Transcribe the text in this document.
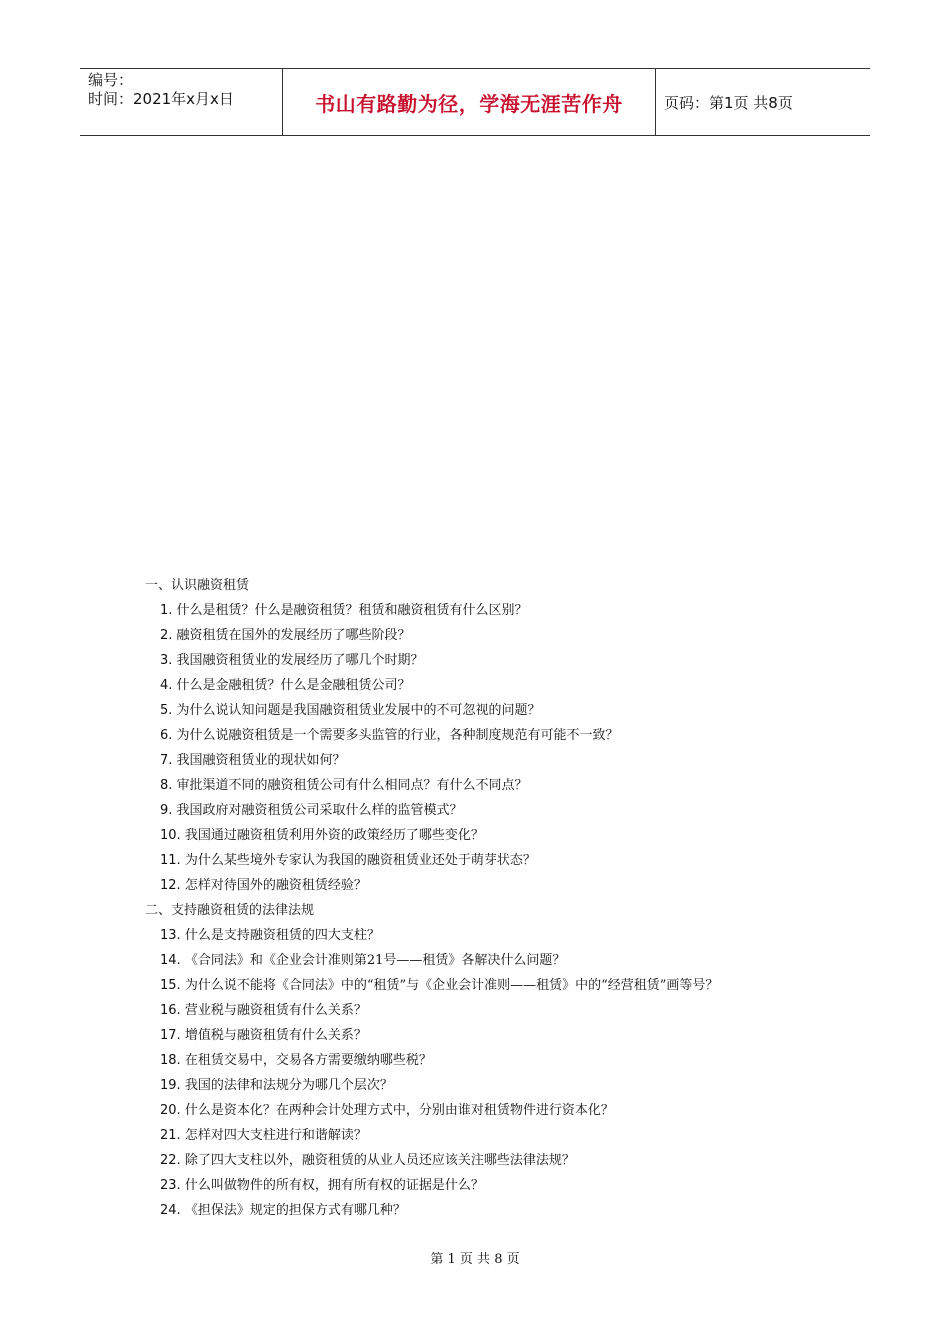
编号：
时间：2021年x月x日	书山有路勤为径，学海无涯苦作舟	页码：第1页 共8页
一、认识融资租赁
1. 什么是租赁？什么是融资租赁？租赁和融资租赁有什么区别？
2. 融资租赁在国外的发展经历了哪些阶段？
3. 我国融资租赁业的发展经历了哪几个时期？
4. 什么是金融租赁？什么是金融租赁公司？
5. 为什么说认知问题是我国融资租赁业发展中的不可忽视的问题？
6. 为什么说融资租赁是一个需要多头监管的行业，各种制度规范有可能不一致？
7. 我国融资租赁业的现状如何？
8. 审批渠道不同的融资租赁公司有什么相同点？有什么不同点？
9. 我国政府对融资租赁公司采取什么样的监管模式？
10. 我国通过融资租赁利用外资的政策经历了哪些变化？
11. 为什么某些境外专家认为我国的融资租赁业还处于萌芽状态？
12. 怎样对待国外的融资租赁经验？
二、支持融资租赁的法律法规
13. 什么是支持融资租赁的四大支柱？
14. 《合同法》和《企业会计准则第21号——租赁》各解决什么问题？
15. 为什么说不能将《合同法》中的“租赁”与《企业会计准则——租赁》中的“经营租赁”画等号？
16. 营业税与融资租赁有什么关系？
17. 增值税与融资租赁有什么关系？
18. 在租赁交易中，交易各方需要缴纳哪些税？
19. 我国的法律和法规分为哪几个层次？
20. 什么是资本化？在两种会计处理方式中，分别由谁对租赁物件进行资本化？
21. 怎样对四大支柱进行和谐解读？
22. 除了四大支柱以外，融资租赁的从业人员还应该关注哪些法律法规？
23. 什么叫做物件的所有权，拥有所有权的证据是什么？
24. 《担保法》规定的担保方式有哪几种？
第 1 页 共 8 页
